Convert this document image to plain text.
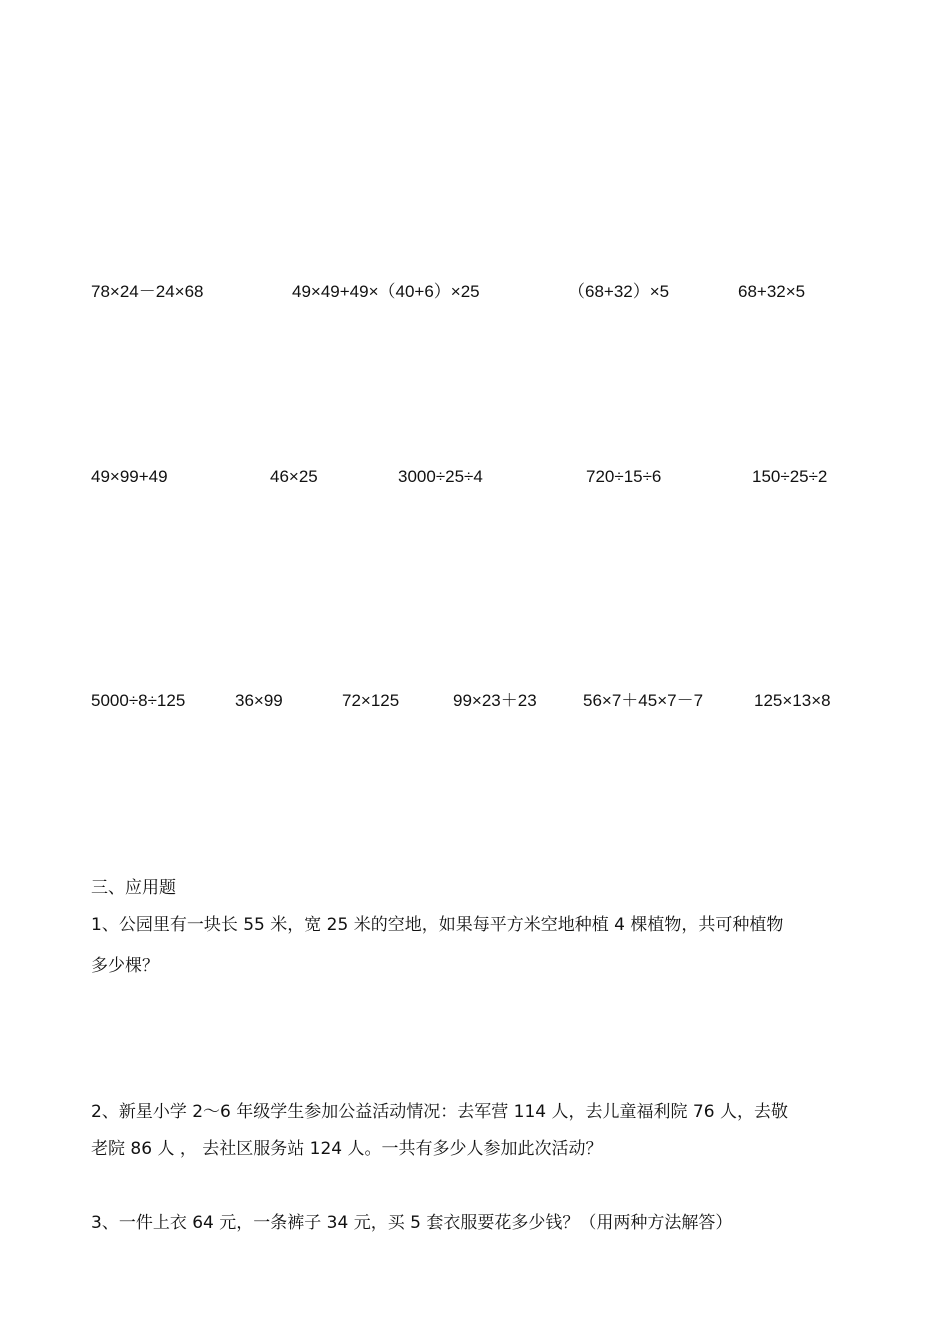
78×24－24×68	49×49+49×（40+6）×25	（68+32）×5	68+32×5
49×99+49	46×25	3000÷25÷4	720÷15÷6	150÷25÷2
5000÷8÷125	36×99	72×125	99×23＋23	56×7＋45×7－7	125×13×8
三、应用题
1、公园里有一块长 55 米，宽 25 米的空地，如果每平方米空地种植 4 棵植物，共可种植物
多少棵？
2、新星小学 2～6 年级学生参加公益活动情况：去军营 114 人，去儿童福利院 76 人，去敬
老院 86 人 ， 去社区服务站 124 人。一共有多少人参加此次活动？
3、一件上衣 64 元，一条裤子 34 元，买 5 套衣服要花多少钱？（用两种方法解答）
